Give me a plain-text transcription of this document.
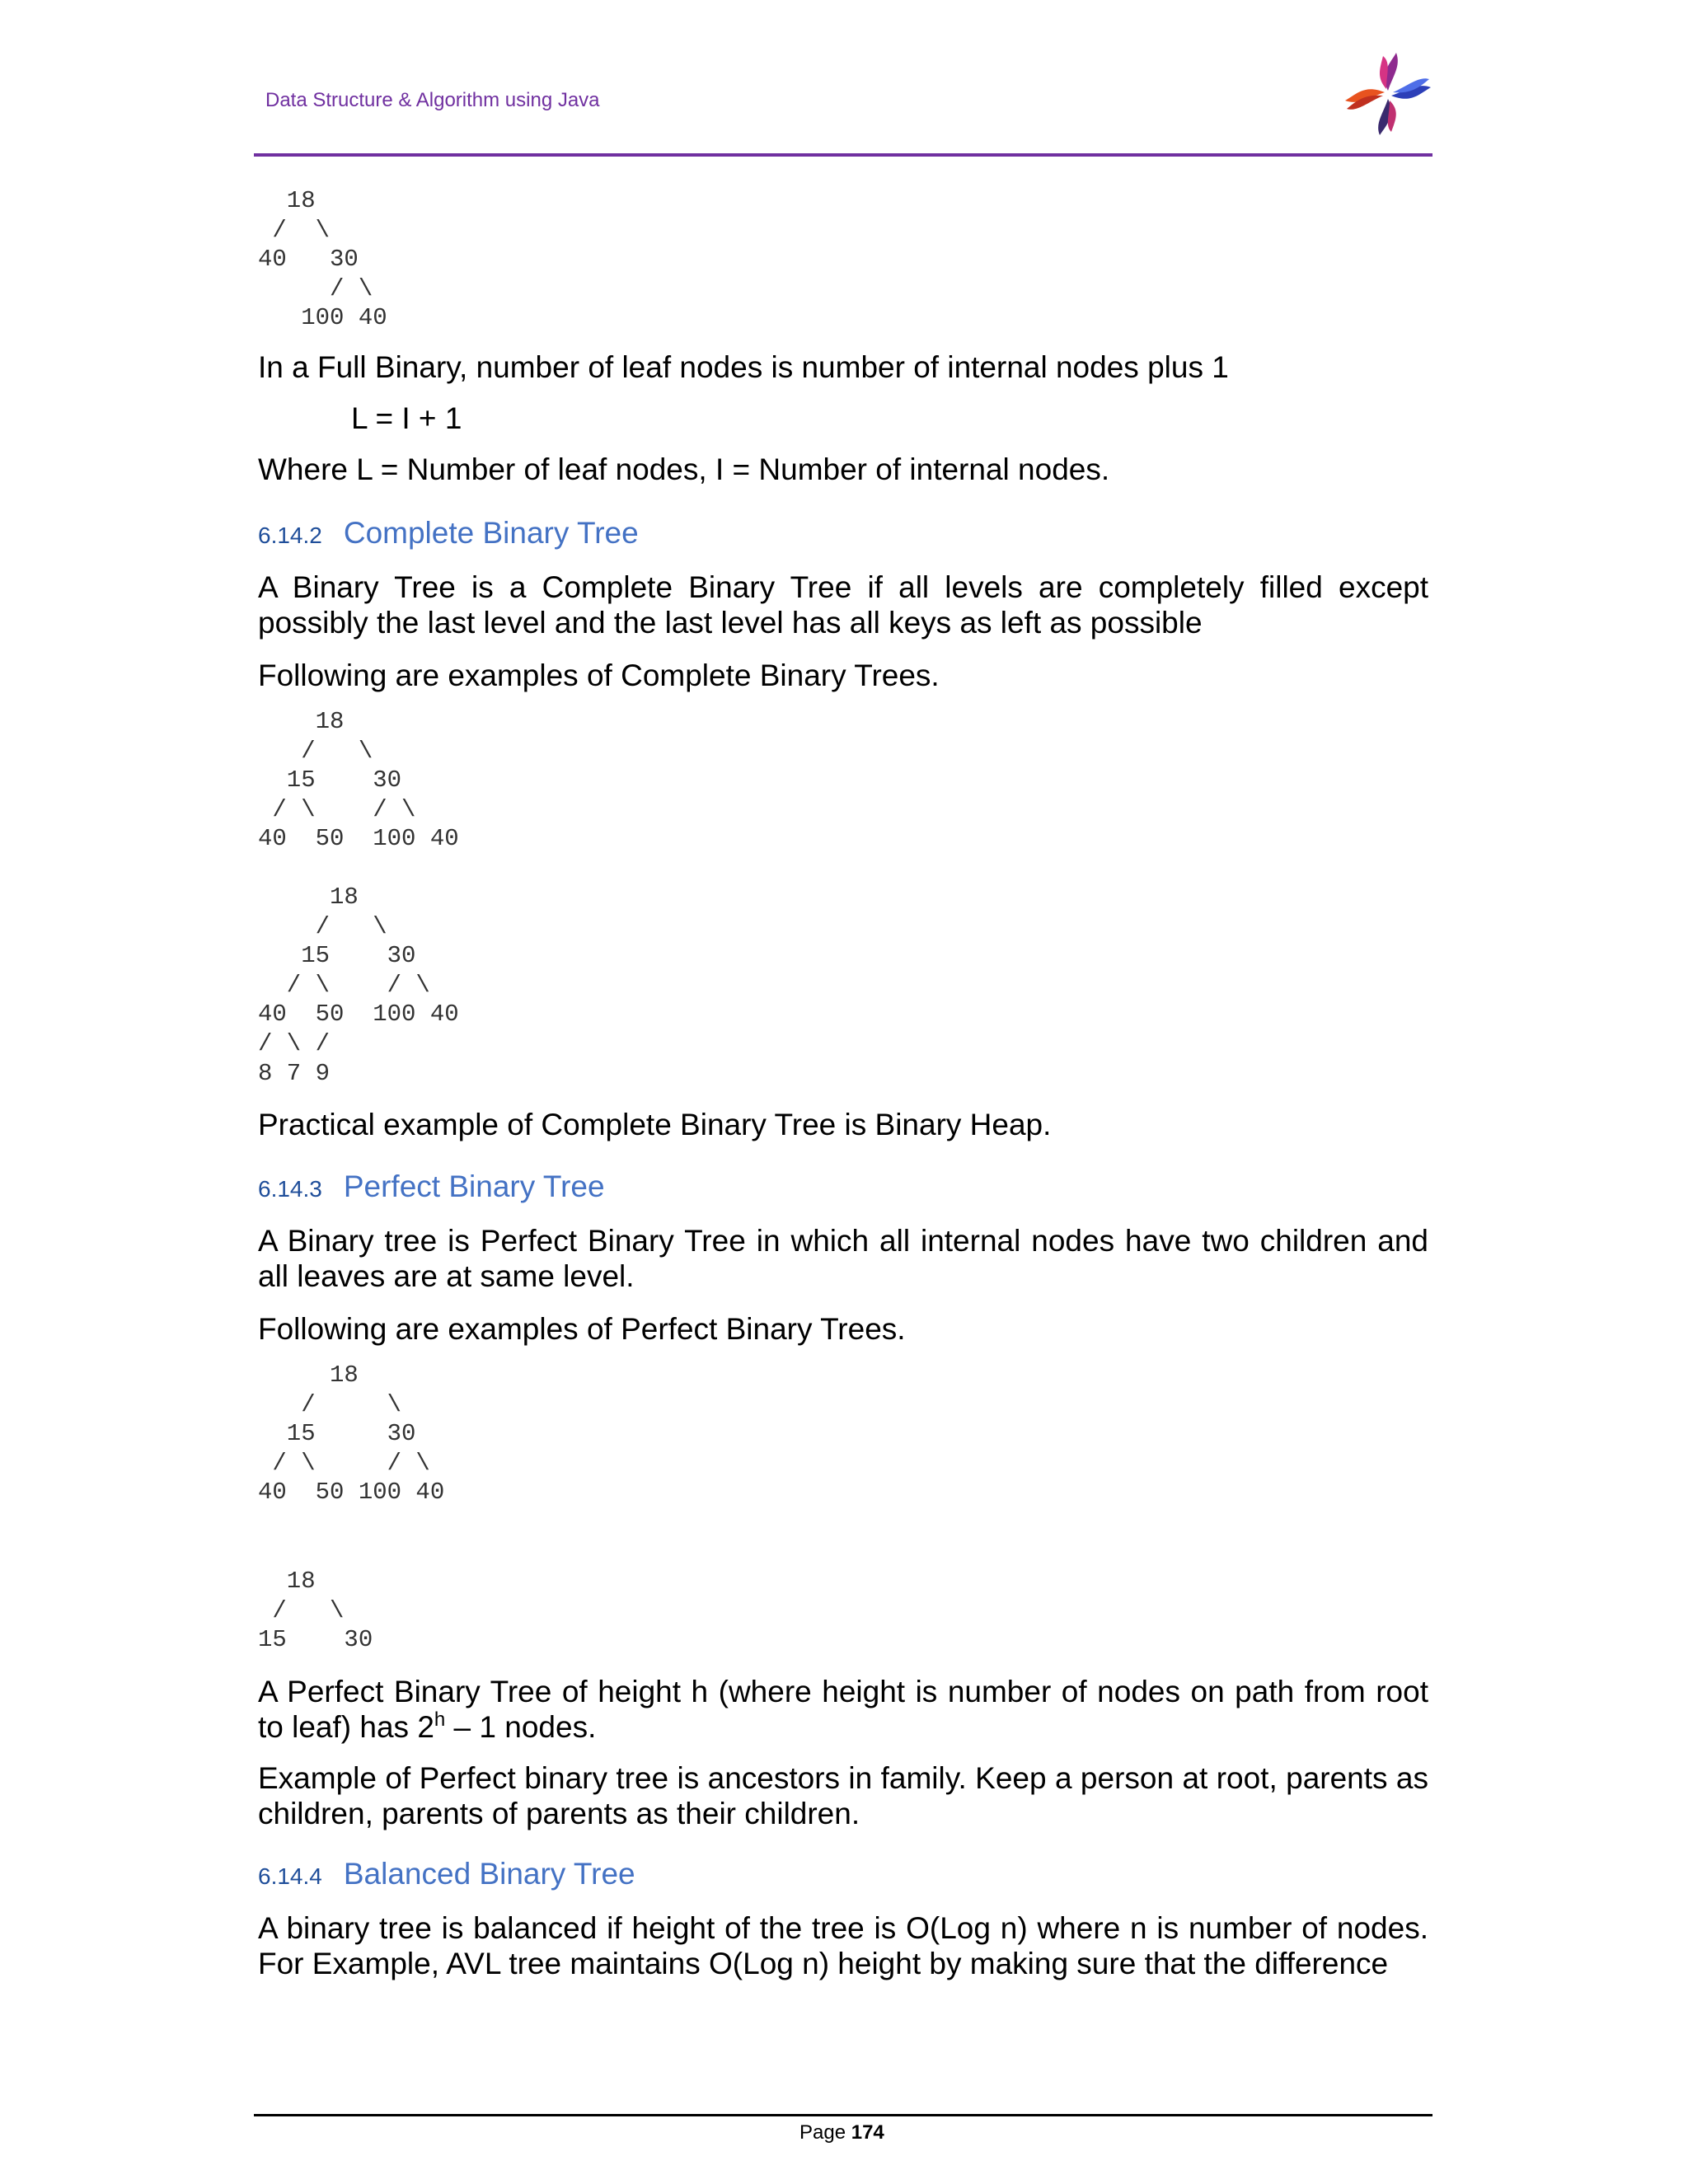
Data Structure & Algorithm using Java
18
/  \
40   30
/ \
100 40

In a Full Binary, number of leaf nodes is number of internal nodes plus 1

L = I + 1

Where L = Number of leaf nodes, I = Number of internal nodes.

6.14.2 Complete Binary Tree

A Binary Tree is a Complete Binary Tree if all levels are completely filled except possibly the last level and the last level has all keys as left as possible

Following are examples of Complete Binary Trees.

18
/   \
15    30
/ \    / \
40  50  100 40
18
/   \
15    30
/ \    / \
40  50  100 40
/ \ /
8 7 9

Practical example of Complete Binary Tree is Binary Heap.

6.14.3 Perfect Binary Tree

A Binary tree is Perfect Binary Tree in which all internal nodes have two children and all leaves are at same level.

Following are examples of Perfect Binary Trees.

18
/     \
15     30
/ \     / \
40  50 100 40
18
/   \
15    30

A Perfect Binary Tree of height h (where height is number of nodes on path from root to leaf) has 2$^h$ – 1 nodes.

Example of Perfect binary tree is ancestors in family. Keep a person at root, parents as children, parents of parents as their children.

6.14.4 Balanced Binary Tree

A binary tree is balanced if height of the tree is O(Log n) where n is number of nodes. For Example, AVL tree maintains O(Log n) height by making sure that the difference

Page 174
